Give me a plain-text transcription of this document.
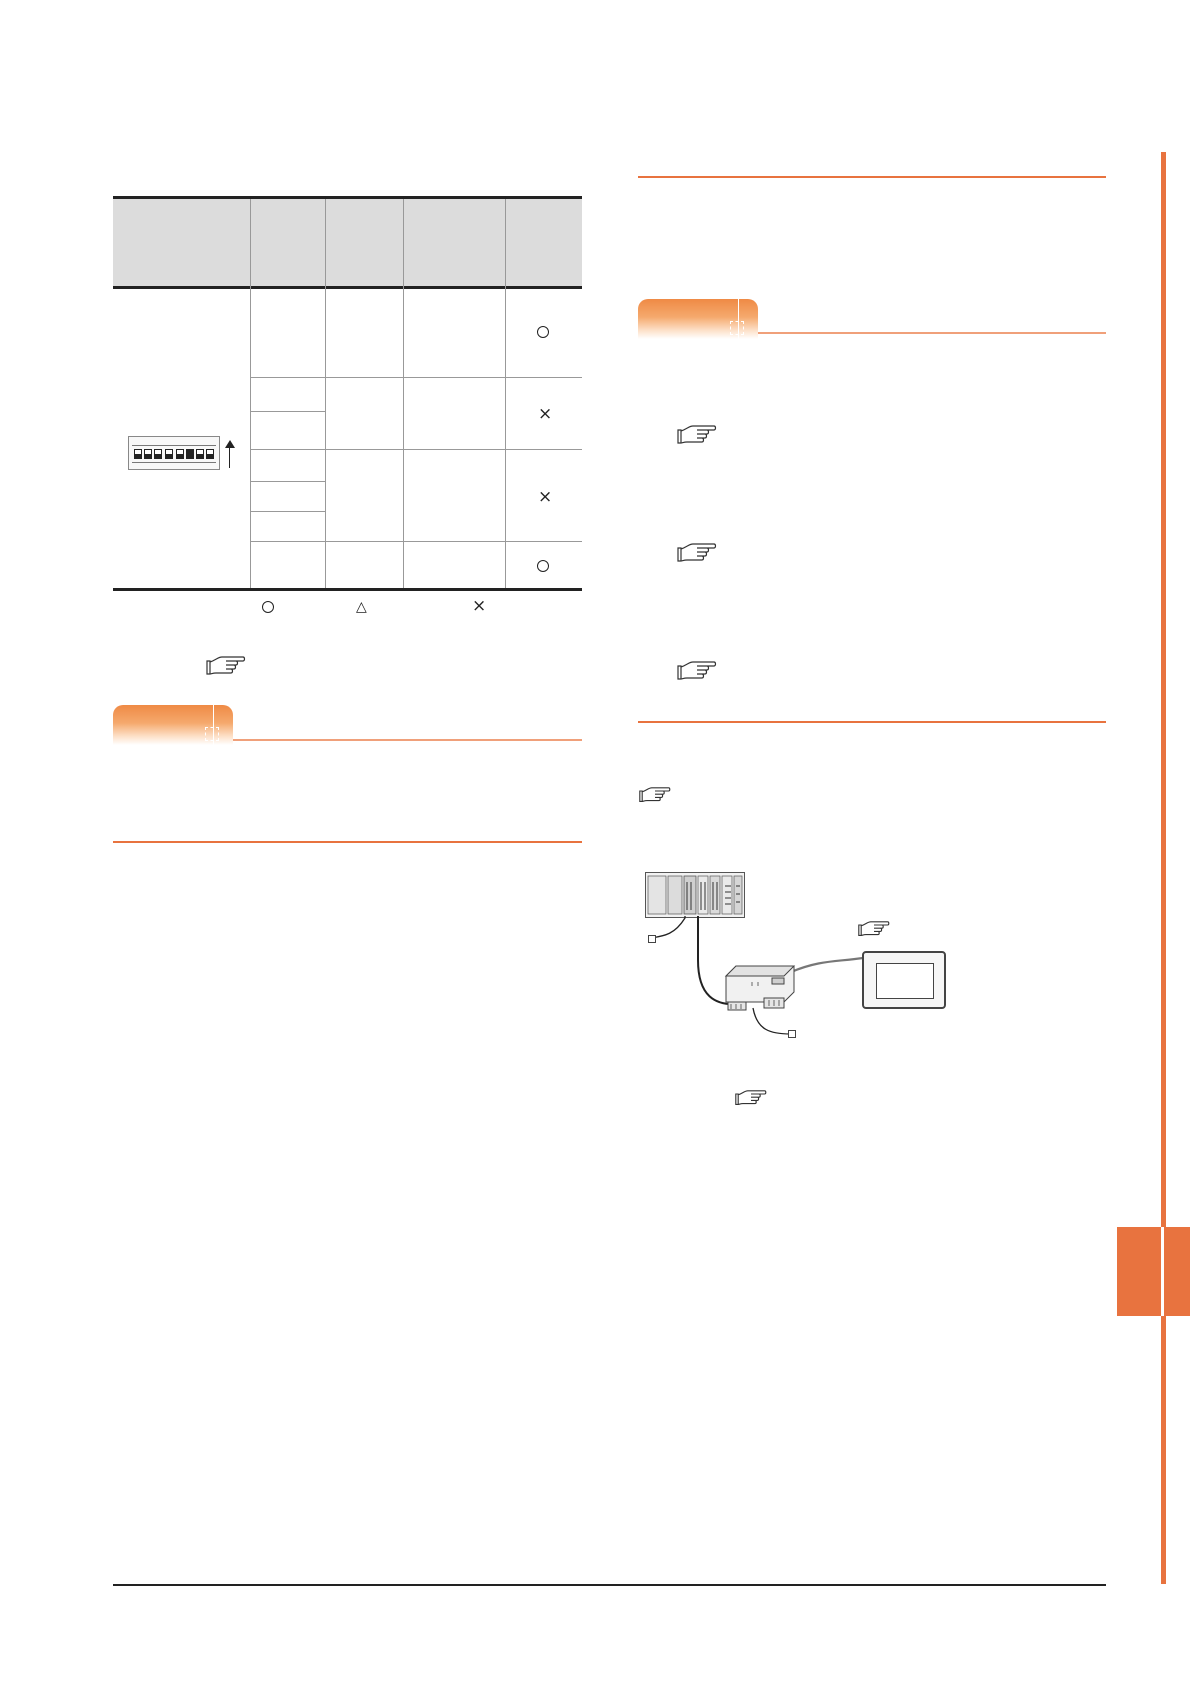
×
×
△	×
